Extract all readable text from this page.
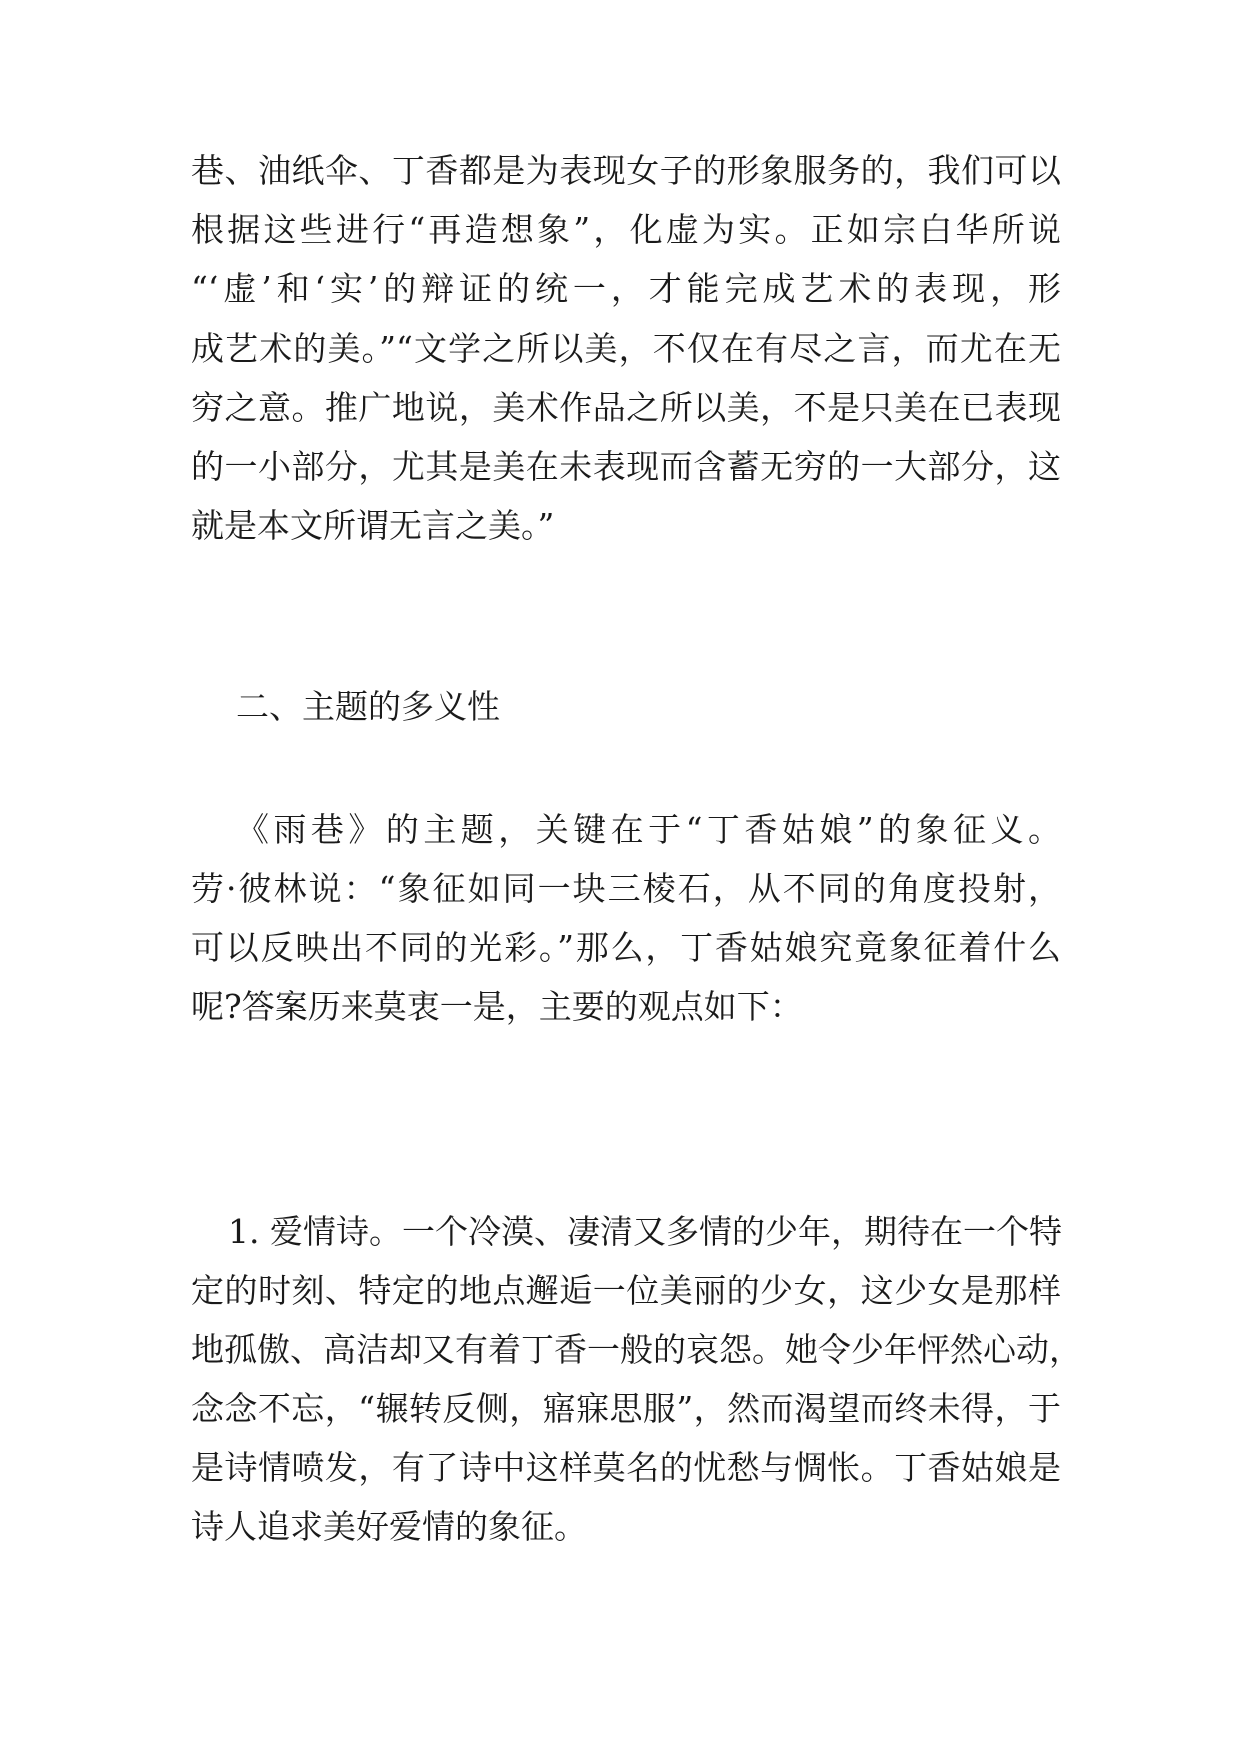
巷、油纸伞、丁香都是为表现女子的形象服务的，我们可以
根据这些进行“再造想象”，化虚为实。正如宗白华所说
“‘虚’和‘实’的辩证的统一，才能完成艺术的表现，形
成艺术的美。”“文学之所以美，不仅在有尽之言，而尤在无
穷之意。推广地说，美术作品之所以美，不是只美在已表现
的一小部分，尤其是美在未表现而含蓄无穷的一大部分，这
就是本文所谓无言之美。”
二、主题的多义性
《雨巷》的主题，关键在于“丁香姑娘”的象征义。
劳·彼林说：“象征如同一块三棱石，从不同的角度投射，
可以反映出不同的光彩。”那么，丁香姑娘究竟象征着什么
呢?答案历来莫衷一是，主要的观点如下：
1. 爱情诗。一个冷漠、凄清又多情的少年，期待在一个特
定的时刻、特定的地点邂逅一位美丽的少女，这少女是那样
地孤傲、高洁却又有着丁香一般的哀怨。她令少年怦然心动，
念念不忘，“辗转反侧，寤寐思服”，然而渴望而终未得，于
是诗情喷发，有了诗中这样莫名的忧愁与惆怅。丁香姑娘是
诗人追求美好爱情的象征。
